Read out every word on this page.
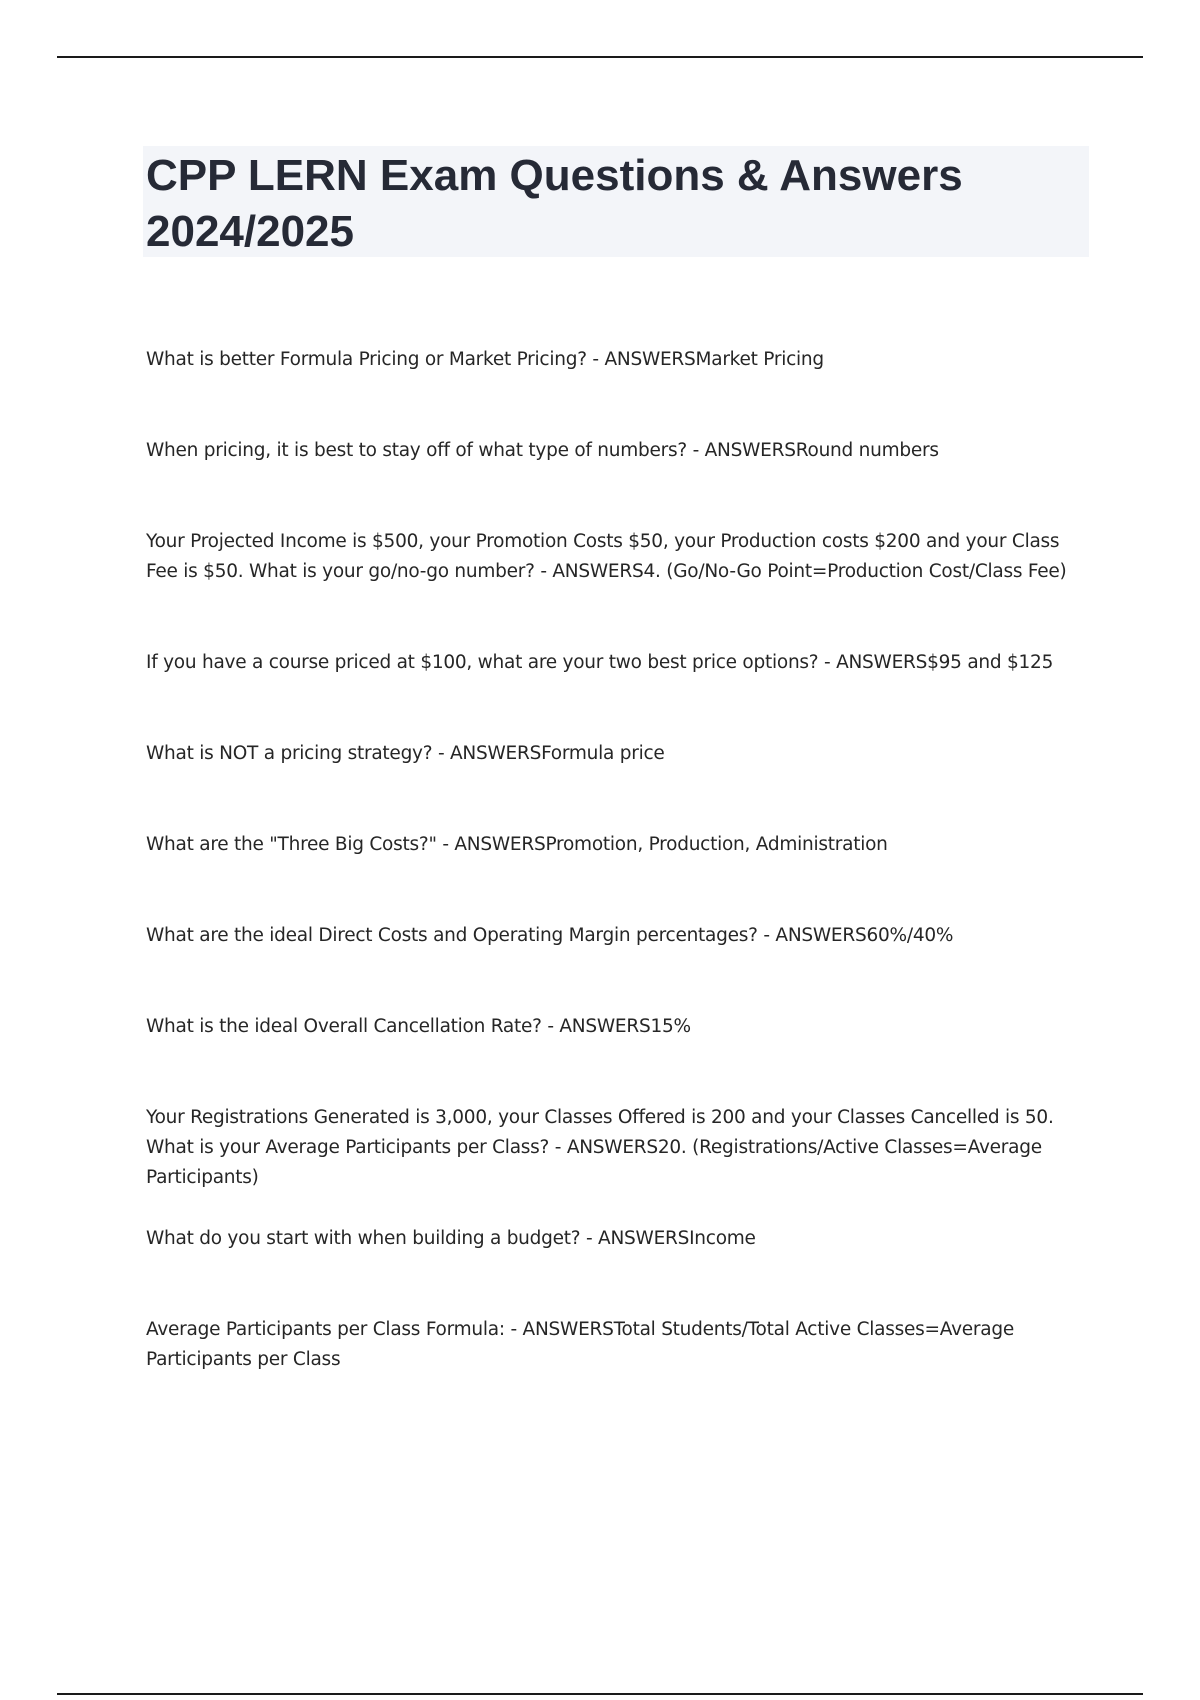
CPP LERN Exam Questions & Answers 2024/2025

What is better Formula Pricing or Market Pricing? - ANSWERSMarket Pricing

When pricing, it is best to stay off of what type of numbers? - ANSWERSRound numbers

Your Projected Income is $500, your Promotion Costs $50, your Production costs $200 and your Class Fee is $50. What is your go/no-go number? - ANSWERS4. (Go/No-Go Point=Production Cost/Class Fee)

If you have a course priced at $100, what are your two best price options? - ANSWERS$95 and $125

What is NOT a pricing strategy? - ANSWERSFormula price

What are the "Three Big Costs?" - ANSWERSPromotion, Production, Administration

What are the ideal Direct Costs and Operating Margin percentages? - ANSWERS60%/40%

What is the ideal Overall Cancellation Rate? - ANSWERS15%

Your Registrations Generated is 3,000, your Classes Offered is 200 and your Classes Cancelled is 50. What is your Average Participants per Class? - ANSWERS20. (Registrations/Active Classes=Average Participants)

What do you start with when building a budget? - ANSWERSIncome

Average Participants per Class Formula: - ANSWERSTotal Students/Total Active Classes=Average Participants per Class
